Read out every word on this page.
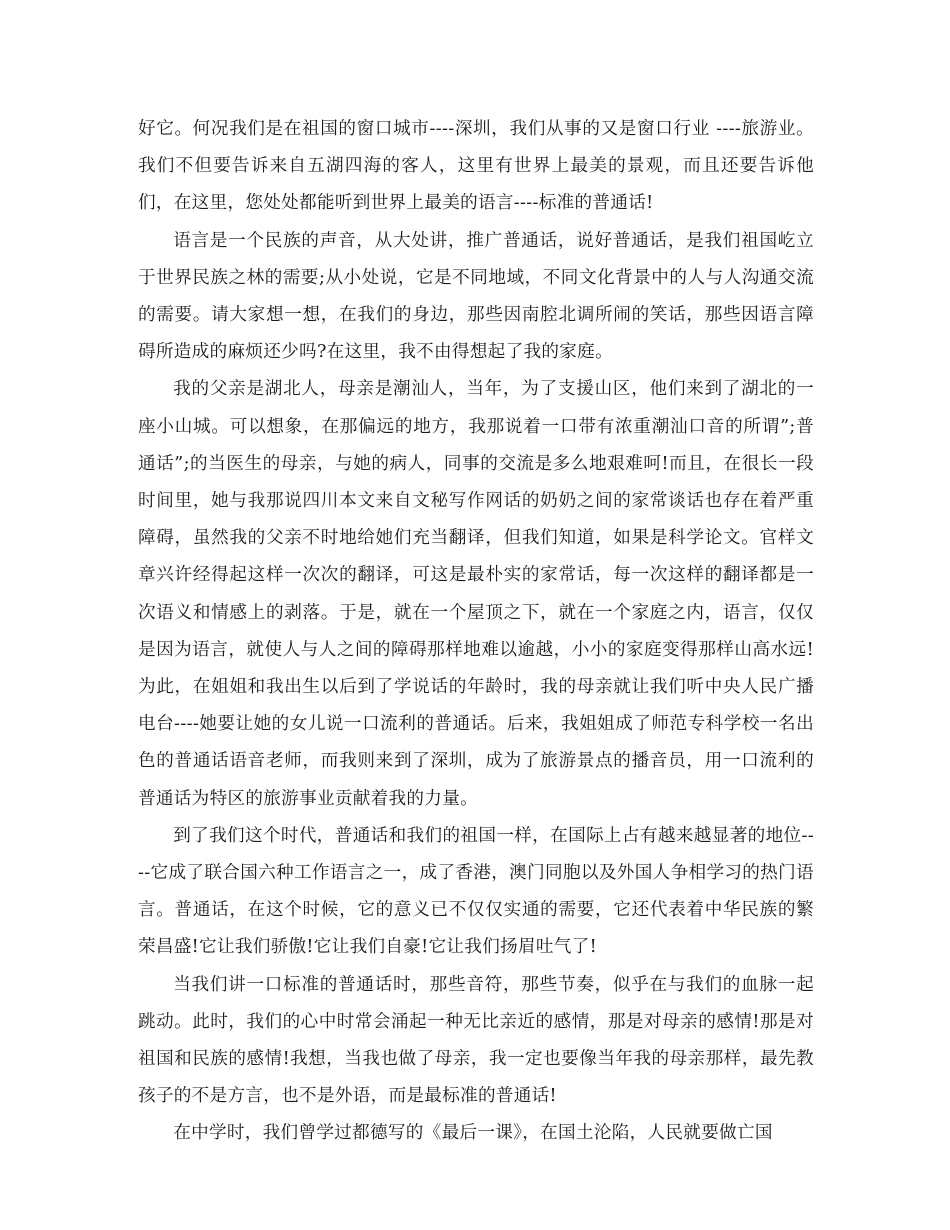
好它。何况我们是在祖国的窗口城市----深圳，我们从事的又是窗口行业 ----旅游业。我们不但要告诉来自五湖四海的客人，这里有世界上最美的景观，而且还要告诉他们，在这里，您处处都能听到世界上最美的语言----标准的普通话!

语言是一个民族的声音，从大处讲，推广普通话，说好普通话，是我们祖国屹立于世界民族之林的需要;从小处说，它是不同地域，不同文化背景中的人与人沟通交流的需要。请大家想一想，在我们的身边，那些因南腔北调所闹的笑话，那些因语言障碍所造成的麻烦还少吗?在这里，我不由得想起了我的家庭。

我的父亲是湖北人，母亲是潮汕人，当年，为了支援山区，他们来到了湖北的一座小山城。可以想象，在那偏远的地方，我那说着一口带有浓重潮汕口音的所谓”;普通话”;的当医生的母亲，与她的病人，同事的交流是多么地艰难呵!而且，在很长一段时间里，她与我那说四川本文来自文秘写作网话的奶奶之间的家常谈话也存在着严重障碍，虽然我的父亲不时地给她们充当翻译，但我们知道，如果是科学论文。官样文章兴许经得起这样一次次的翻译，可这是最朴实的家常话，每一次这样的翻译都是一次语义和情感上的剥落。于是，就在一个屋顶之下，就在一个家庭之内，语言，仅仅是因为语言，就使人与人之间的障碍那样地难以逾越，小小的家庭变得那样山高水远!为此，在姐姐和我出生以后到了学说话的年龄时，我的母亲就让我们听中央人民广播电台----她要让她的女儿说一口流利的普通话。后来，我姐姐成了师范专科学校一名出色的普通话语音老师，而我则来到了深圳，成为了旅游景点的播音员，用一口流利的普通话为特区的旅游事业贡献着我的力量。

到了我们这个时代，普通话和我们的祖国一样，在国际上占有越来越显著的地位----它成了联合国六种工作语言之一，成了香港，澳门同胞以及外国人争相学习的热门语言。普通话，在这个时候，它的意义已不仅仅实通的需要，它还代表着中华民族的繁荣昌盛!它让我们骄傲!它让我们自豪!它让我们扬眉吐气了!

当我们讲一口标准的普通话时，那些音符，那些节奏，似乎在与我们的血脉一起跳动。此时，我们的心中时常会涌起一种无比亲近的感情，那是对母亲的感情!那是对祖国和民族的感情!我想，当我也做了母亲，我一定也要像当年我的母亲那样，最先教孩子的不是方言，也不是外语，而是最标准的普通话!

在中学时，我们曾学过都德写的《最后一课》，在国土沦陷，人民就要做亡国
